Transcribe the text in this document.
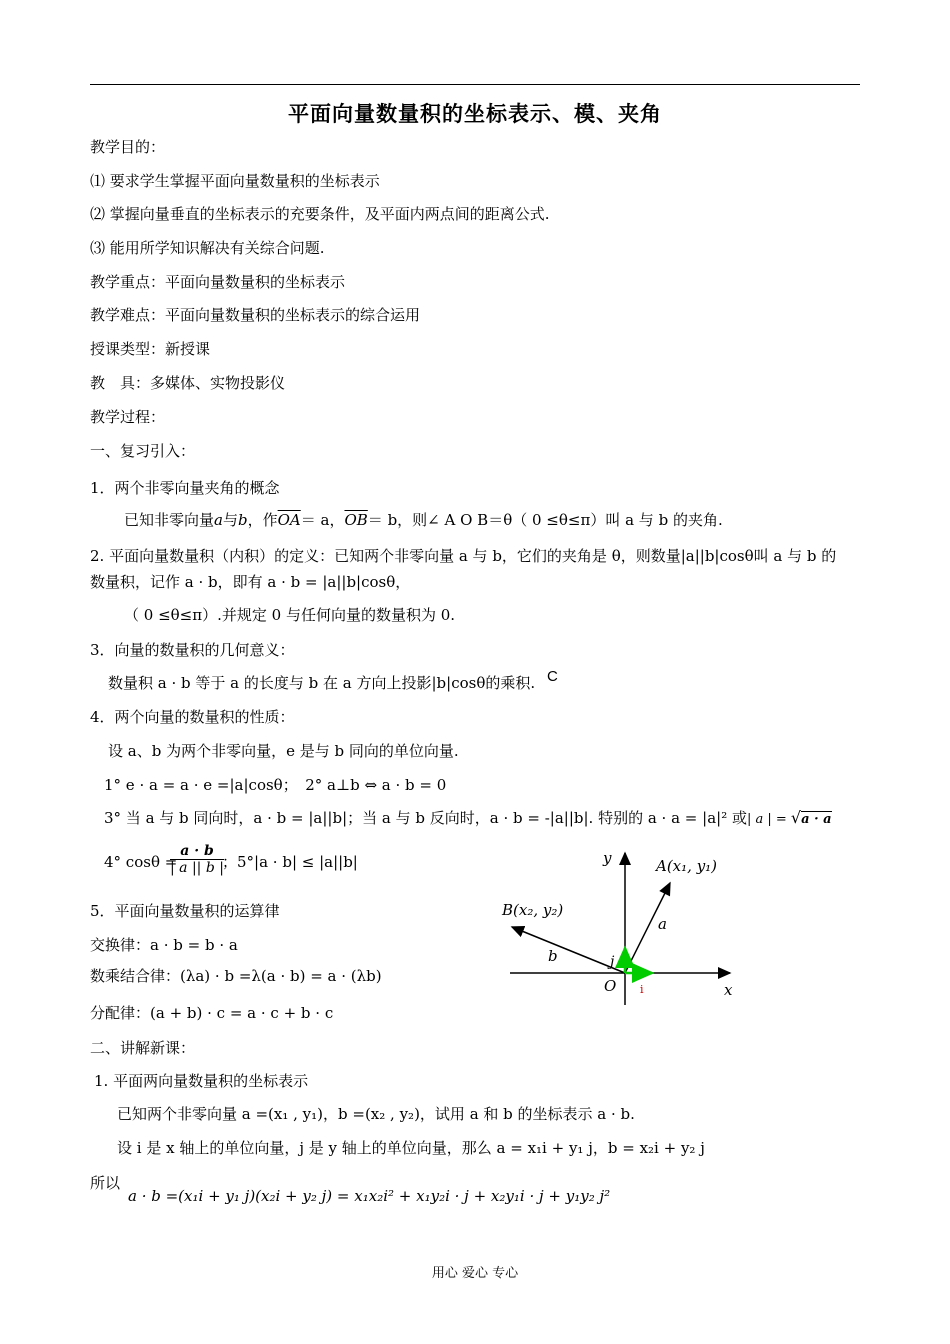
平面向量数量积的坐标表示、模、夹角
教学目的：
⑴ 要求学生掌握平面向量数量积的坐标表示
⑵ 掌握向量垂直的坐标表示的充要条件，及平面内两点间的距离公式.
⑶ 能用所学知识解决有关综合问题.
教学重点：平面向量数量积的坐标表示
教学难点：平面向量数量积的坐标表示的综合运用
授课类型：新授课
教　具：多媒体、实物投影仪
教学过程：
一、复习引入：
1．两个非零向量夹角的概念
已知非零向量a与b，作$\overline{OA}= a$，$\overline{OB}= b$，则∠ A O B＝θ（ 0 ≤θ≤π）叫 a 与 b 的夹角.
2. 平面向量数量积（内积）的定义：已知两个非零向量 a 与 b，它们的夹角是 θ，则数量|a||b|cosθ叫 a 与 b 的
数量积，记作 a · b，即有 a · b = |a||b|cosθ，
（ 0 ≤θ≤π）.并规定 0 与任何向量的数量积为 0.
3．向量的数量积的几何意义：
数量积 a · b 等于 a 的长度与 b 在 a 方向上投影|b|cosθ的乘积. C
4．两个向量的数量积的性质：
设 a、b 为两个非零向量，e 是与 b 同向的单位向量.
1° e · a = a · e =|a|cosθ；　2° a⊥b ⇔ a · b = 0
3° 当 a 与 b 同向时，a · b = |a||b|；当 a 与 b 反向时，a · b = -|a||b|. 特别的 a · a = |a|² 或| a | = √a · a
4° cosθ =
$\frac{a \cdot b}{| a || b |}$
；5°|a · b| ≤ |a||b|
5．平面向量数量积的运算律
交换律：a · b = b · a
数乘结合律：(λa) · b =λ(a · b) = a · (λb)
分配律：(a + b) · c = a · c + b · c
二、讲解新课：
1. 平面两向量数量积的坐标表示
已知两个非零向量 a =(x₁ , y₁)，b =(x₂ , y₂)，试用 a 和 b 的坐标表示 a · b.
设 i 是 x 轴上的单位向量，j 是 y 轴上的单位向量，那么 a = x₁i + y₁ j，b = x₂i + y₂ j
所以
a · b =(x₁i + y₁ j)(x₂i + y₂ j) = x₁x₂i² + x₁y₂i · j + x₂y₁i · j + y₁y₂ j²
y
x
O
A(x₁, y₁)
B(x₂, y₂)
a
b	j
i
用心 爱心 专心
